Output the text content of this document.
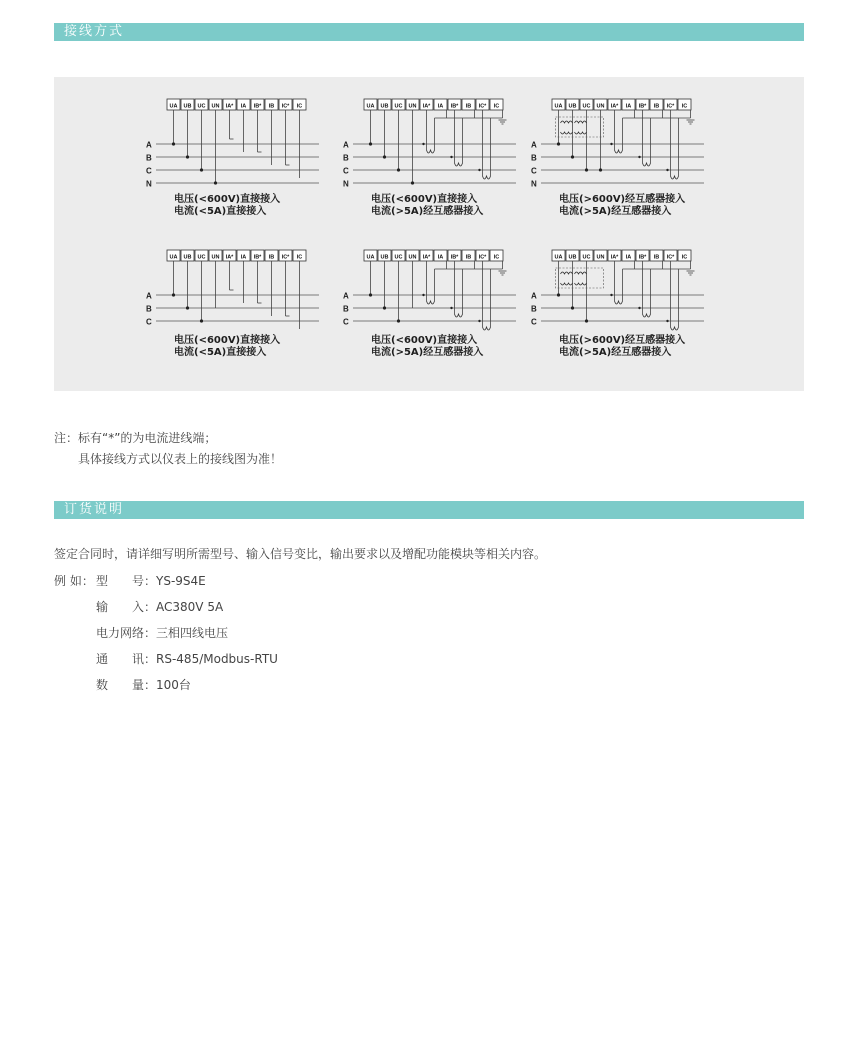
接线方式
UA UB UC UN IA* IA IB* IB IC* IC
A
B
C
N
电压(<600V)直接接入
电流(<5A)直接接入
UA UB UC UN IA* IA IB* IB IC* IC
A
B
C
N
电压(<600V)直接接入
电流(>5A)经互感器接入
UA UB UC UN IA* IA IB* IB IC* IC
A
B
C
N
电压(>600V)经互感器接入
电流(>5A)经互感器接入
UA UB UC UN IA* IA IB* IB IC* IC
A
B
C
电压(<600V)直接接入
电流(<5A)直接接入
UA UB UC UN IA* IA IB* IB IC* IC
A
B
C
电压(<600V)直接接入
电流(>5A)经互感器接入
UA UB UC UN IA* IA IB* IB IC* IC
A
B
C
电压(>600V)经互感器接入
电流(>5A)经互感器接入
注：标有“*”的为电流进线端；
具体接线方式以仪表上的接线图为准！
订货说明
签定合同时，请详细写明所需型号、输入信号变比，输出要求以及增配功能模块等相关内容。
例 如： 型　　号：YS-9S4E
输　　入：AC380V 5A
电力网络：三相四线电压
通　　讯：RS-485/Modbus-RTU
数　　量：100台
